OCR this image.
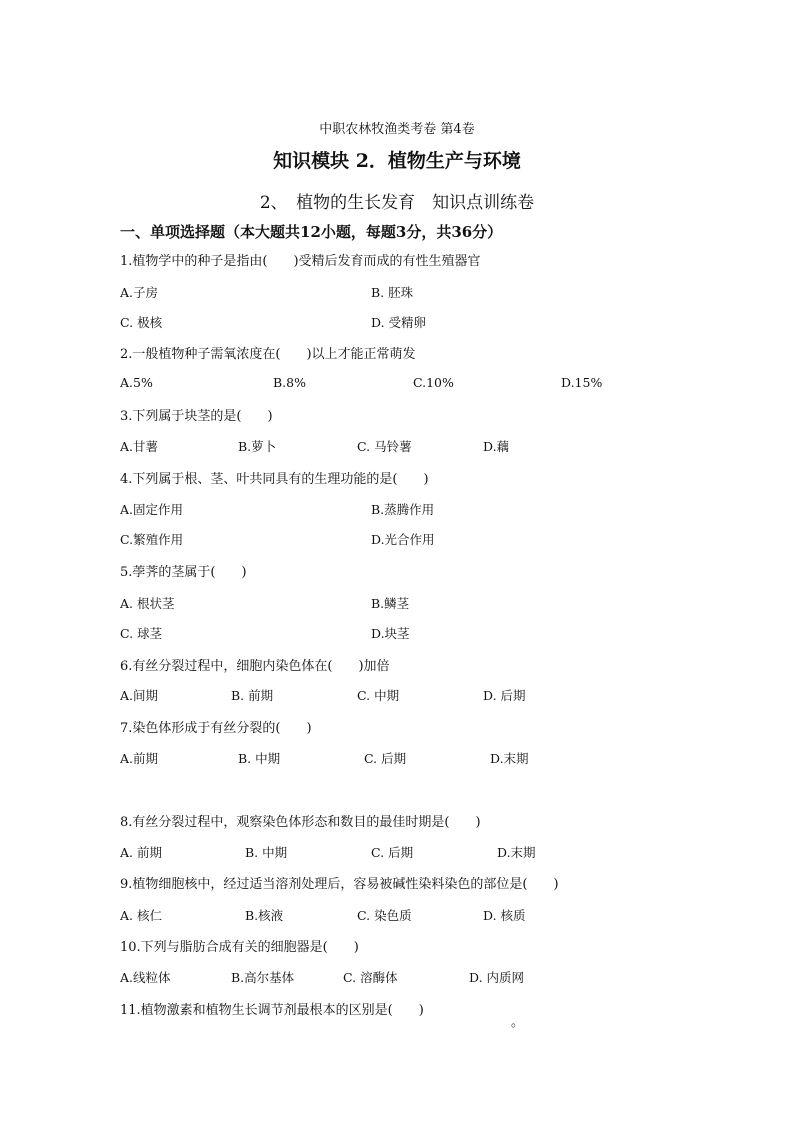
中职农林牧渔类考卷 第4卷
知识模块 2．植物生产与环境
2、　植物的生长发育　知识点训练卷
一、单项选择题（本大题共12小题，每题3分，共36分）
1.植物学中的种子是指由(　　)受精后发育而成的有性生殖器官
A.子房	B. 胚珠
C. 极核	D. 受精卵
2.一般植物种子需氧浓度在(　　)以上才能正常萌发
A.5%	B.8%	C.10%	D.15%
3.下列属于块茎的是(　　)
A.甘薯	B.萝卜	C. 马铃薯	D.藕
4.下列属于根、茎、叶共同具有的生理功能的是(　　)
A.固定作用	B.蒸腾作用
C.繁殖作用	D.光合作用
5.荸荠的茎属于(　　)
A. 根状茎	B.鳞茎
C. 球茎	D.块茎
6.有丝分裂过程中，细胞内染色体在(　　)加倍
A.间期	B. 前期	C. 中期	D. 后期
7.染色体形成于有丝分裂的(　　)
A.前期	B. 中期	C. 后期	D.末期
8.有丝分裂过程中，观察染色体形态和数目的最佳时期是(　　)
A. 前期	B. 中期	C. 后期	D.末期
9.植物细胞核中，经过适当溶剂处理后，容易被碱性染料染色的部位是(　　)
A. 核仁	B.核液	C. 染色质	D. 核质
10.下列与脂肪合成有关的细胞器是(　　)
A.线粒体	B.高尔基体	C. 溶酶体	D. 内质网
11.植物激素和植物生长调节剂最根本的区别是(　　)
。
